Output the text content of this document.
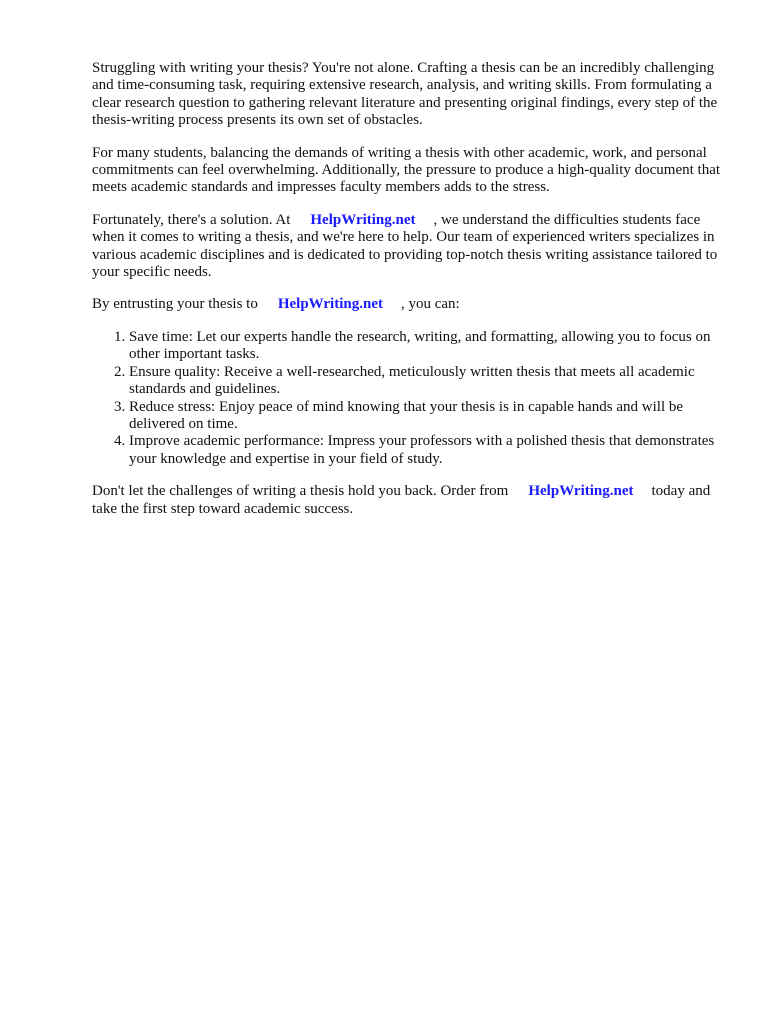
Struggling with writing your thesis? You're not alone. Crafting a thesis can be an incredibly challenging and time-consuming task, requiring extensive research, analysis, and writing skills. From formulating a clear research question to gathering relevant literature and presenting original findings, every step of the thesis-writing process presents its own set of obstacles.

For many students, balancing the demands of writing a thesis with other academic, work, and personal commitments can feel overwhelming. Additionally, the pressure to produce a high-quality document that meets academic standards and impresses faculty members adds to the stress.

Fortunately, there's a solution. At HelpWriting.net , we understand the difficulties students face when it comes to writing a thesis, and we're here to help. Our team of experienced writers specializes in various academic disciplines and is dedicated to providing top-notch thesis writing assistance tailored to your specific needs.

By entrusting your thesis to HelpWriting.net , you can:

1. Save time: Let our experts handle the research, writing, and formatting, allowing you to focus on other important tasks.
2. Ensure quality: Receive a well-researched, meticulously written thesis that meets all academic standards and guidelines.
3. Reduce stress: Enjoy peace of mind knowing that your thesis is in capable hands and will be delivered on time.
4. Improve academic performance: Impress your professors with a polished thesis that demonstrates your knowledge and expertise in your field of study.

Don't let the challenges of writing a thesis hold you back. Order from HelpWriting.net today and take the first step toward academic success.
